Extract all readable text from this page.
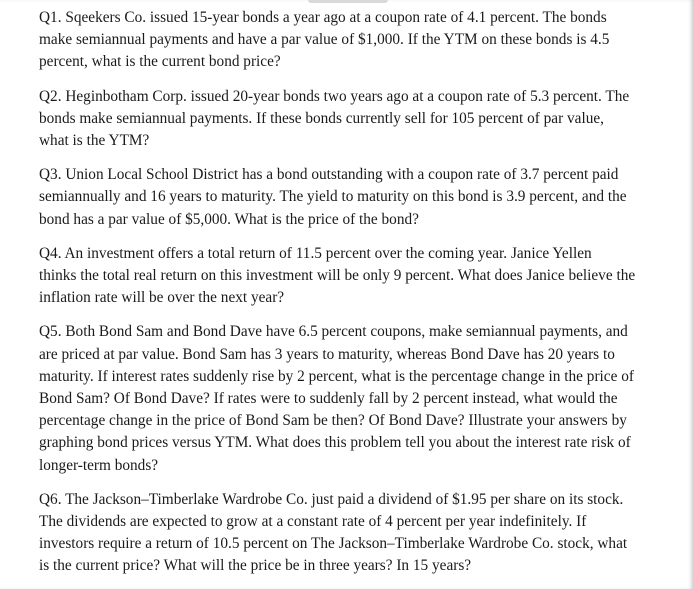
Q1. Sqeekers Co. issued 15-year bonds a year ago at a coupon rate of 4.1 percent. The bonds
make semiannual payments and have a par value of $1,000. If the YTM on these bonds is 4.5
percent, what is the current bond price?

Q2. Heginbotham Corp. issued 20-year bonds two years ago at a coupon rate of 5.3 percent. The
bonds make semiannual payments. If these bonds currently sell for 105 percent of par value,
what is the YTM?

Q3. Union Local School District has a bond outstanding with a coupon rate of 3.7 percent paid
semiannually and 16 years to maturity. The yield to maturity on this bond is 3.9 percent, and the
bond has a par value of $5,000. What is the price of the bond?

Q4. An investment offers a total return of 11.5 percent over the coming year. Janice Yellen
thinks the total real return on this investment will be only 9 percent. What does Janice believe the
inflation rate will be over the next year?

Q5. Both Bond Sam and Bond Dave have 6.5 percent coupons, make semiannual payments, and
are priced at par value. Bond Sam has 3 years to maturity, whereas Bond Dave has 20 years to
maturity. If interest rates suddenly rise by 2 percent, what is the percentage change in the price of
Bond Sam? Of Bond Dave? If rates were to suddenly fall by 2 percent instead, what would the
percentage change in the price of Bond Sam be then? Of Bond Dave? Illustrate your answers by
graphing bond prices versus YTM. What does this problem tell you about the interest rate risk of
longer-term bonds?

Q6. The Jackson–Timberlake Wardrobe Co. just paid a dividend of $1.95 per share on its stock.
The dividends are expected to grow at a constant rate of 4 percent per year indefinitely. If
investors require a return of 10.5 percent on The Jackson–Timberlake Wardrobe Co. stock, what
is the current price? What will the price be in three years? In 15 years?
